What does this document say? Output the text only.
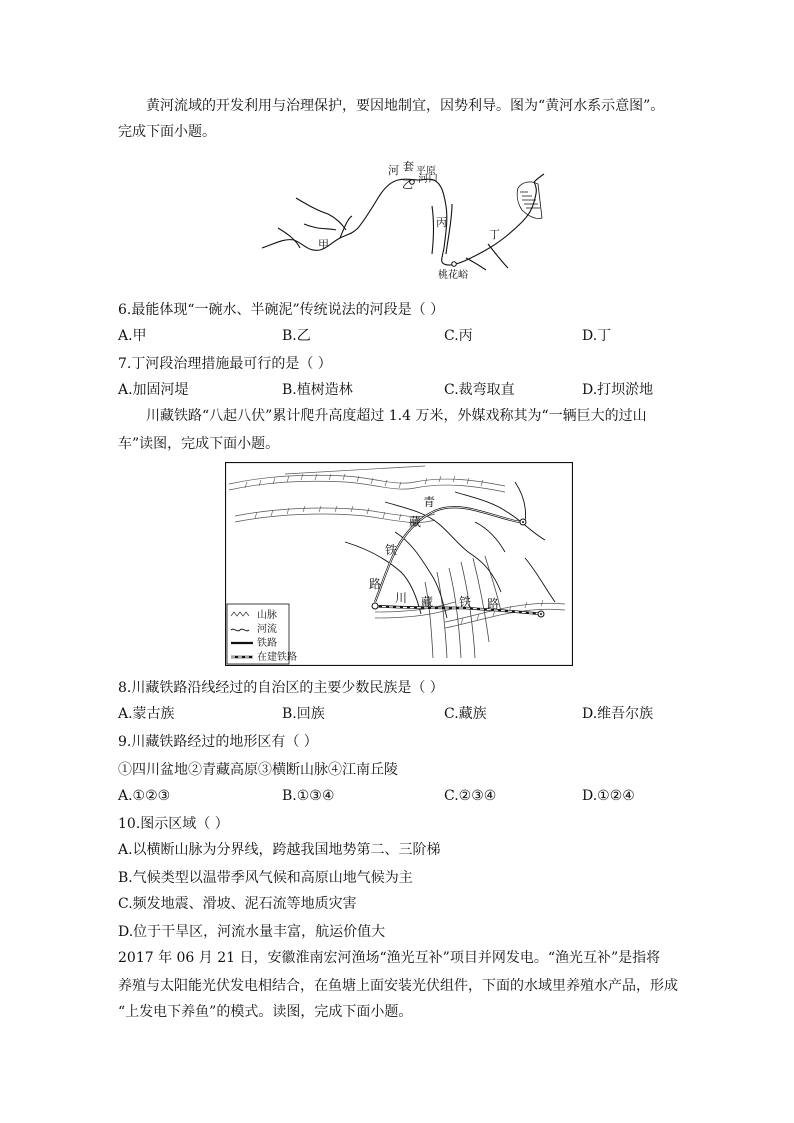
黄河流域的开发利用与治理保护，要因地制宜，因势利导。图为“黄河水系示意图”。
完成下面小题。
河 套 平原
乙 河口
丙
甲
丁
桃花峪
6.最能体现“一碗水、半碗泥”传统说法的河段是（ ）
A.甲	B.乙	C.丙	D.丁
7.丁河段治理措施最可行的是（ ）
A.加固河堤	B.植树造林	C.裁弯取直	D.打坝淤地
川藏铁路“八起八伏”累计爬升高度超过 1.4 万米，外媒戏称其为“一辆巨大的过山
车”读图，完成下面小题。
青
藏
铁
路
川 藏 铁 路
山脉
河流
铁路
在建铁路
8.川藏铁路沿线经过的自治区的主要少数民族是（ ）
A.蒙古族	B.回族	C.藏族	D.维吾尔族
9.川藏铁路经过的地形区有（ ）
①四川盆地②青藏高原③横断山脉④江南丘陵
A.①②③	B.①③④	C.②③④	D.①②④
10.图示区域（ ）
A.以横断山脉为分界线，跨越我国地势第二、三阶梯
B.气候类型以温带季风气候和高原山地气候为主
C.频发地震、滑坡、泥石流等地质灾害
D.位于干旱区，河流水量丰富，航运价值大
2017 年 06 月 21 日，安徽淮南宏河渔场“渔光互补”项目并网发电。“渔光互补”是指将
养殖与太阳能光伏发电相结合，在鱼塘上面安装光伏组件，下面的水域里养殖水产品，形成
“上发电下养鱼”的模式。读图，完成下面小题。
